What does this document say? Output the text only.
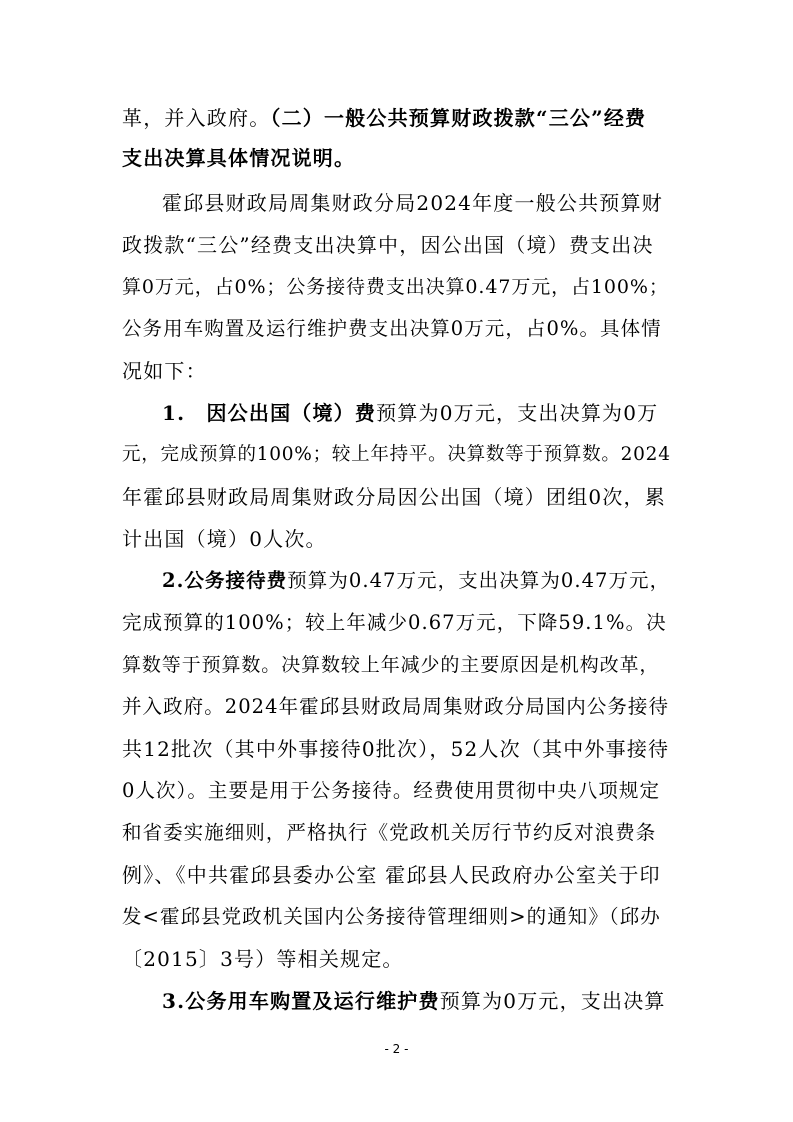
革，并入政府。（二）一般公共预算财政拨款“三公”经费
支出决算具体情况说明。
霍邱县财政局周集财政分局2024年度一般公共预算财
政拨款“三公”经费支出决算中，因公出国（境）费支出决
算0万元，占0%；公务接待费支出决算0.47万元，占100%；
公务用车购置及运行维护费支出决算0万元，占0%。具体情
况如下：
1.　因公出国（境）费预算为0万元，支出决算为0万
元，完成预算的100%；较上年持平。决算数等于预算数。2024
年霍邱县财政局周集财政分局因公出国（境）团组0次，累
计出国（境）0人次。
2.公务接待费预算为0.47万元，支出决算为0.47万元，
完成预算的100%；较上年减少0.67万元，下降59.1%。决
算数等于预算数。决算数较上年减少的主要原因是机构改革，
并入政府。2024年霍邱县财政局周集财政分局国内公务接待
共12批次（其中外事接待0批次），52人次（其中外事接待
0人次）。主要是用于公务接待。经费使用贯彻中央八项规定
和省委实施细则，严格执行《党政机关厉行节约反对浪费条
例》、《中共霍邱县委办公室 霍邱县人民政府办公室关于印
发<霍邱县党政机关国内公务接待管理细则>的通知》（邱办
〔2015〕3号）等相关规定。
3.公务用车购置及运行维护费预算为0万元，支出决算
- 2 -
